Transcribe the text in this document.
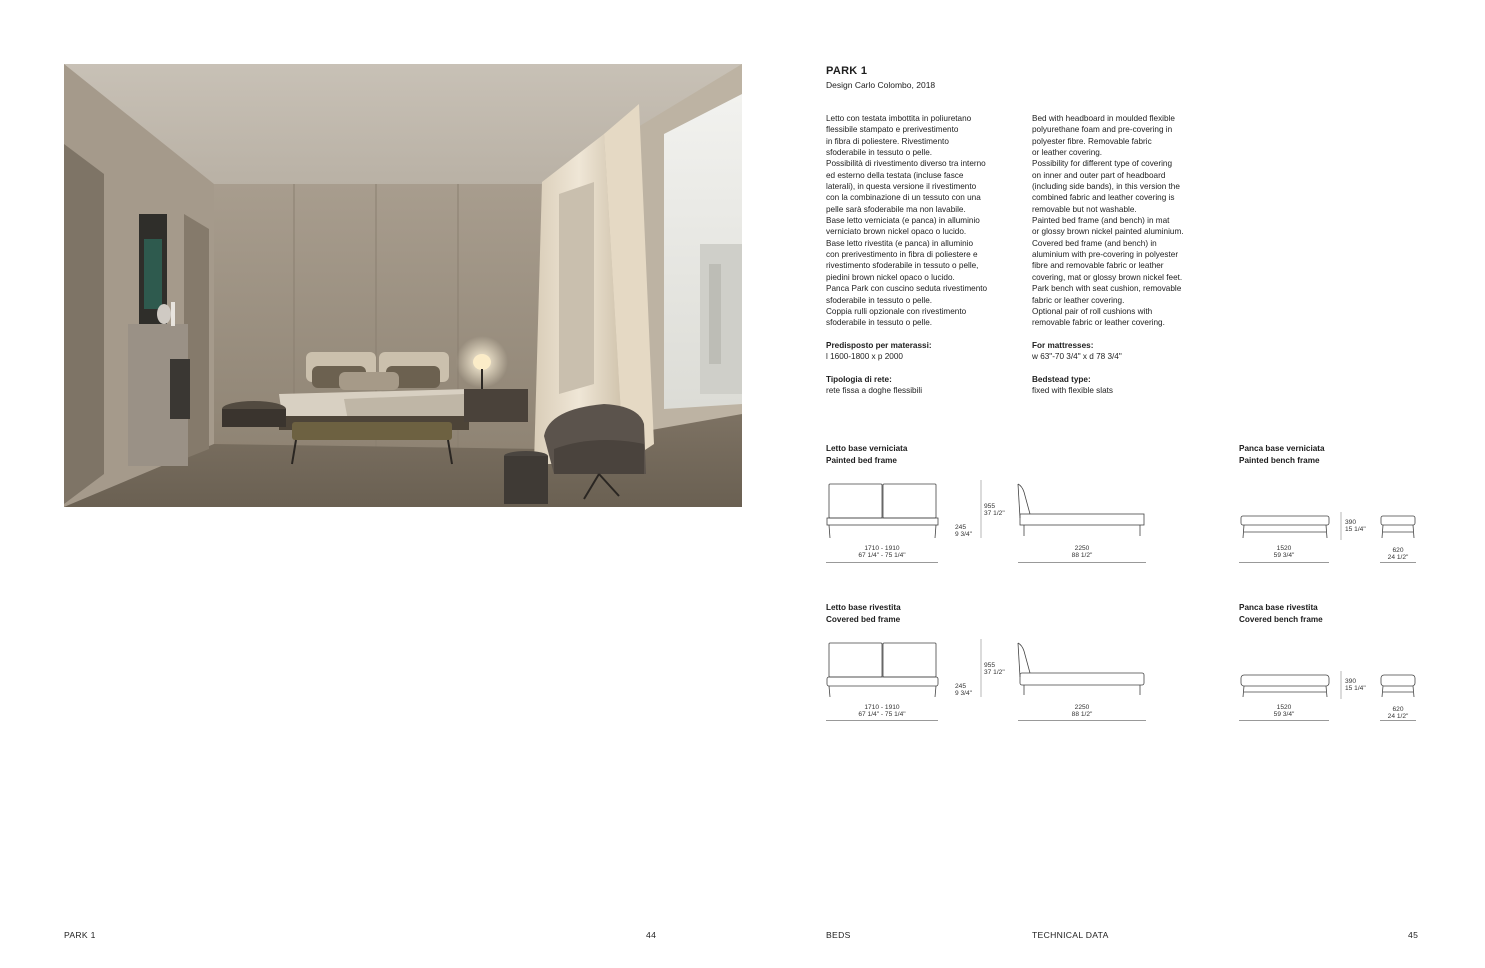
PARK 1
Design Carlo Colombo, 2018
Letto con testata imbottita in poliuretano
flessibile stampato e prerivestimento
in fibra di poliestere. Rivestimento
sfoderabile in tessuto o pelle.
Possibilità di rivestimento diverso tra interno
ed esterno della testata (incluse fasce
laterali), in questa versione il rivestimento
con la combinazione di un tessuto con una
pelle sarà sfoderabile ma non lavabile.
Base letto verniciata (e panca) in alluminio
verniciato brown nickel opaco o lucido.
Base letto rivestita (e panca) in alluminio
con prerivestimento in fibra di poliestere e
rivestimento sfoderabile in tessuto o pelle,
piedini brown nickel opaco o lucido.
Panca Park con cuscino seduta rivestimento
sfoderabile in tessuto o pelle.
Coppia rulli opzionale con rivestimento
sfoderabile in tessuto o pelle.
Bed with headboard in moulded flexible
polyurethane foam and pre-covering in
polyester fibre. Removable fabric
or leather covering.
Possibility for different type of covering
on inner and outer part of headboard
(including side bands), in this version the
combined fabric and leather covering is
removable but not washable.
Painted bed frame (and bench) in mat
or glossy brown nickel painted aluminium.
Covered bed frame (and bench) in
aluminium with pre-covering in polyester
fibre and removable fabric or leather
covering, mat or glossy brown nickel feet.
Park bench with seat cushion, removable
fabric or leather covering.
Optional pair of roll cushions with
removable fabric or leather covering.
Predisposto per materassi:
l 1600-1800 x p 2000
For mattresses:
w 63"-70 3/4" x d 78 3/4"
Tipologia di rete:
rete fissa a doghe flessibili
Bedstead type:
fixed with flexible slats
Letto base verniciata
Painted bed frame
Panca base verniciata
Painted bench frame
Letto base rivestita
Covered bed frame
Panca base rivestita
Covered bench frame
1710 - 1910
67 1/4" - 75 1/4"
245
9 3/4"
955
37 1/2"
2250
88 1/2"
390
15 1/4"
1520
59 3/4"
620
24 1/2"
1710 - 1910
67 1/4" - 75 1/4"
245
9 3/4"
955
37 1/2"
2250
88 1/2"
390
15 1/4"
1520
59 3/4"
620
24 1/2"
PARK 1	44	BEDS	TECHNICAL DATA	45
